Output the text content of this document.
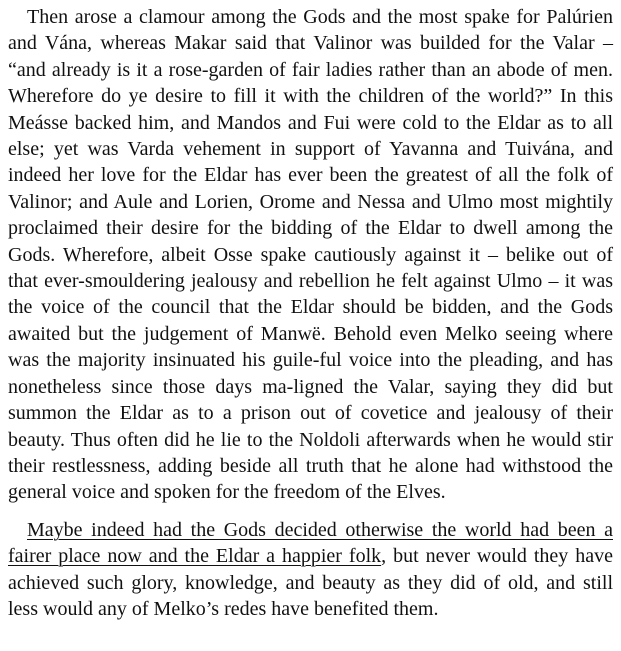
Then arose a clamour among the Gods and the most spake for Palúrien and Vána, whereas Makar said that Valinor was builded for the Valar – “and already is it a rose-garden of fair ladies rather than an abode of men. Wherefore do ye desire to fill it with the children of the world?” In this Meásse backed him, and Mandos and Fui were cold to the Eldar as to all else; yet was Varda vehement in support of Yavanna and Tuivána, and indeed her love for the Eldar has ever been the greatest of all the folk of Valinor; and Aule and Lorien, Orome and Nessa and Ulmo most mightily proclaimed their desire for the bidding of the Eldar to dwell among the Gods. Wherefore, albeit Osse spake cautiously against it – belike out of that ever-smouldering jealousy and rebellion he felt against Ulmo – it was the voice of the council that the Eldar should be bidden, and the Gods awaited but the judgement of Manwë. Behold even Melko seeing where was the majority insinuated his guile-ful voice into the pleading, and has nonetheless since those days ma-ligned the Valar, saying they did but summon the Eldar as to a prison out of covetice and jealousy of their beauty. Thus often did he lie to the Noldoli afterwards when he would stir their restlessness, adding beside all truth that he alone had withstood the general voice and spoken for the freedom of the Elves.

Maybe indeed had the Gods decided otherwise the world had been a fairer place now and the Eldar a happier folk, but never would they have achieved such glory, knowledge, and beauty as they did of old, and still less would any of Melko’s redes have benefited them.
